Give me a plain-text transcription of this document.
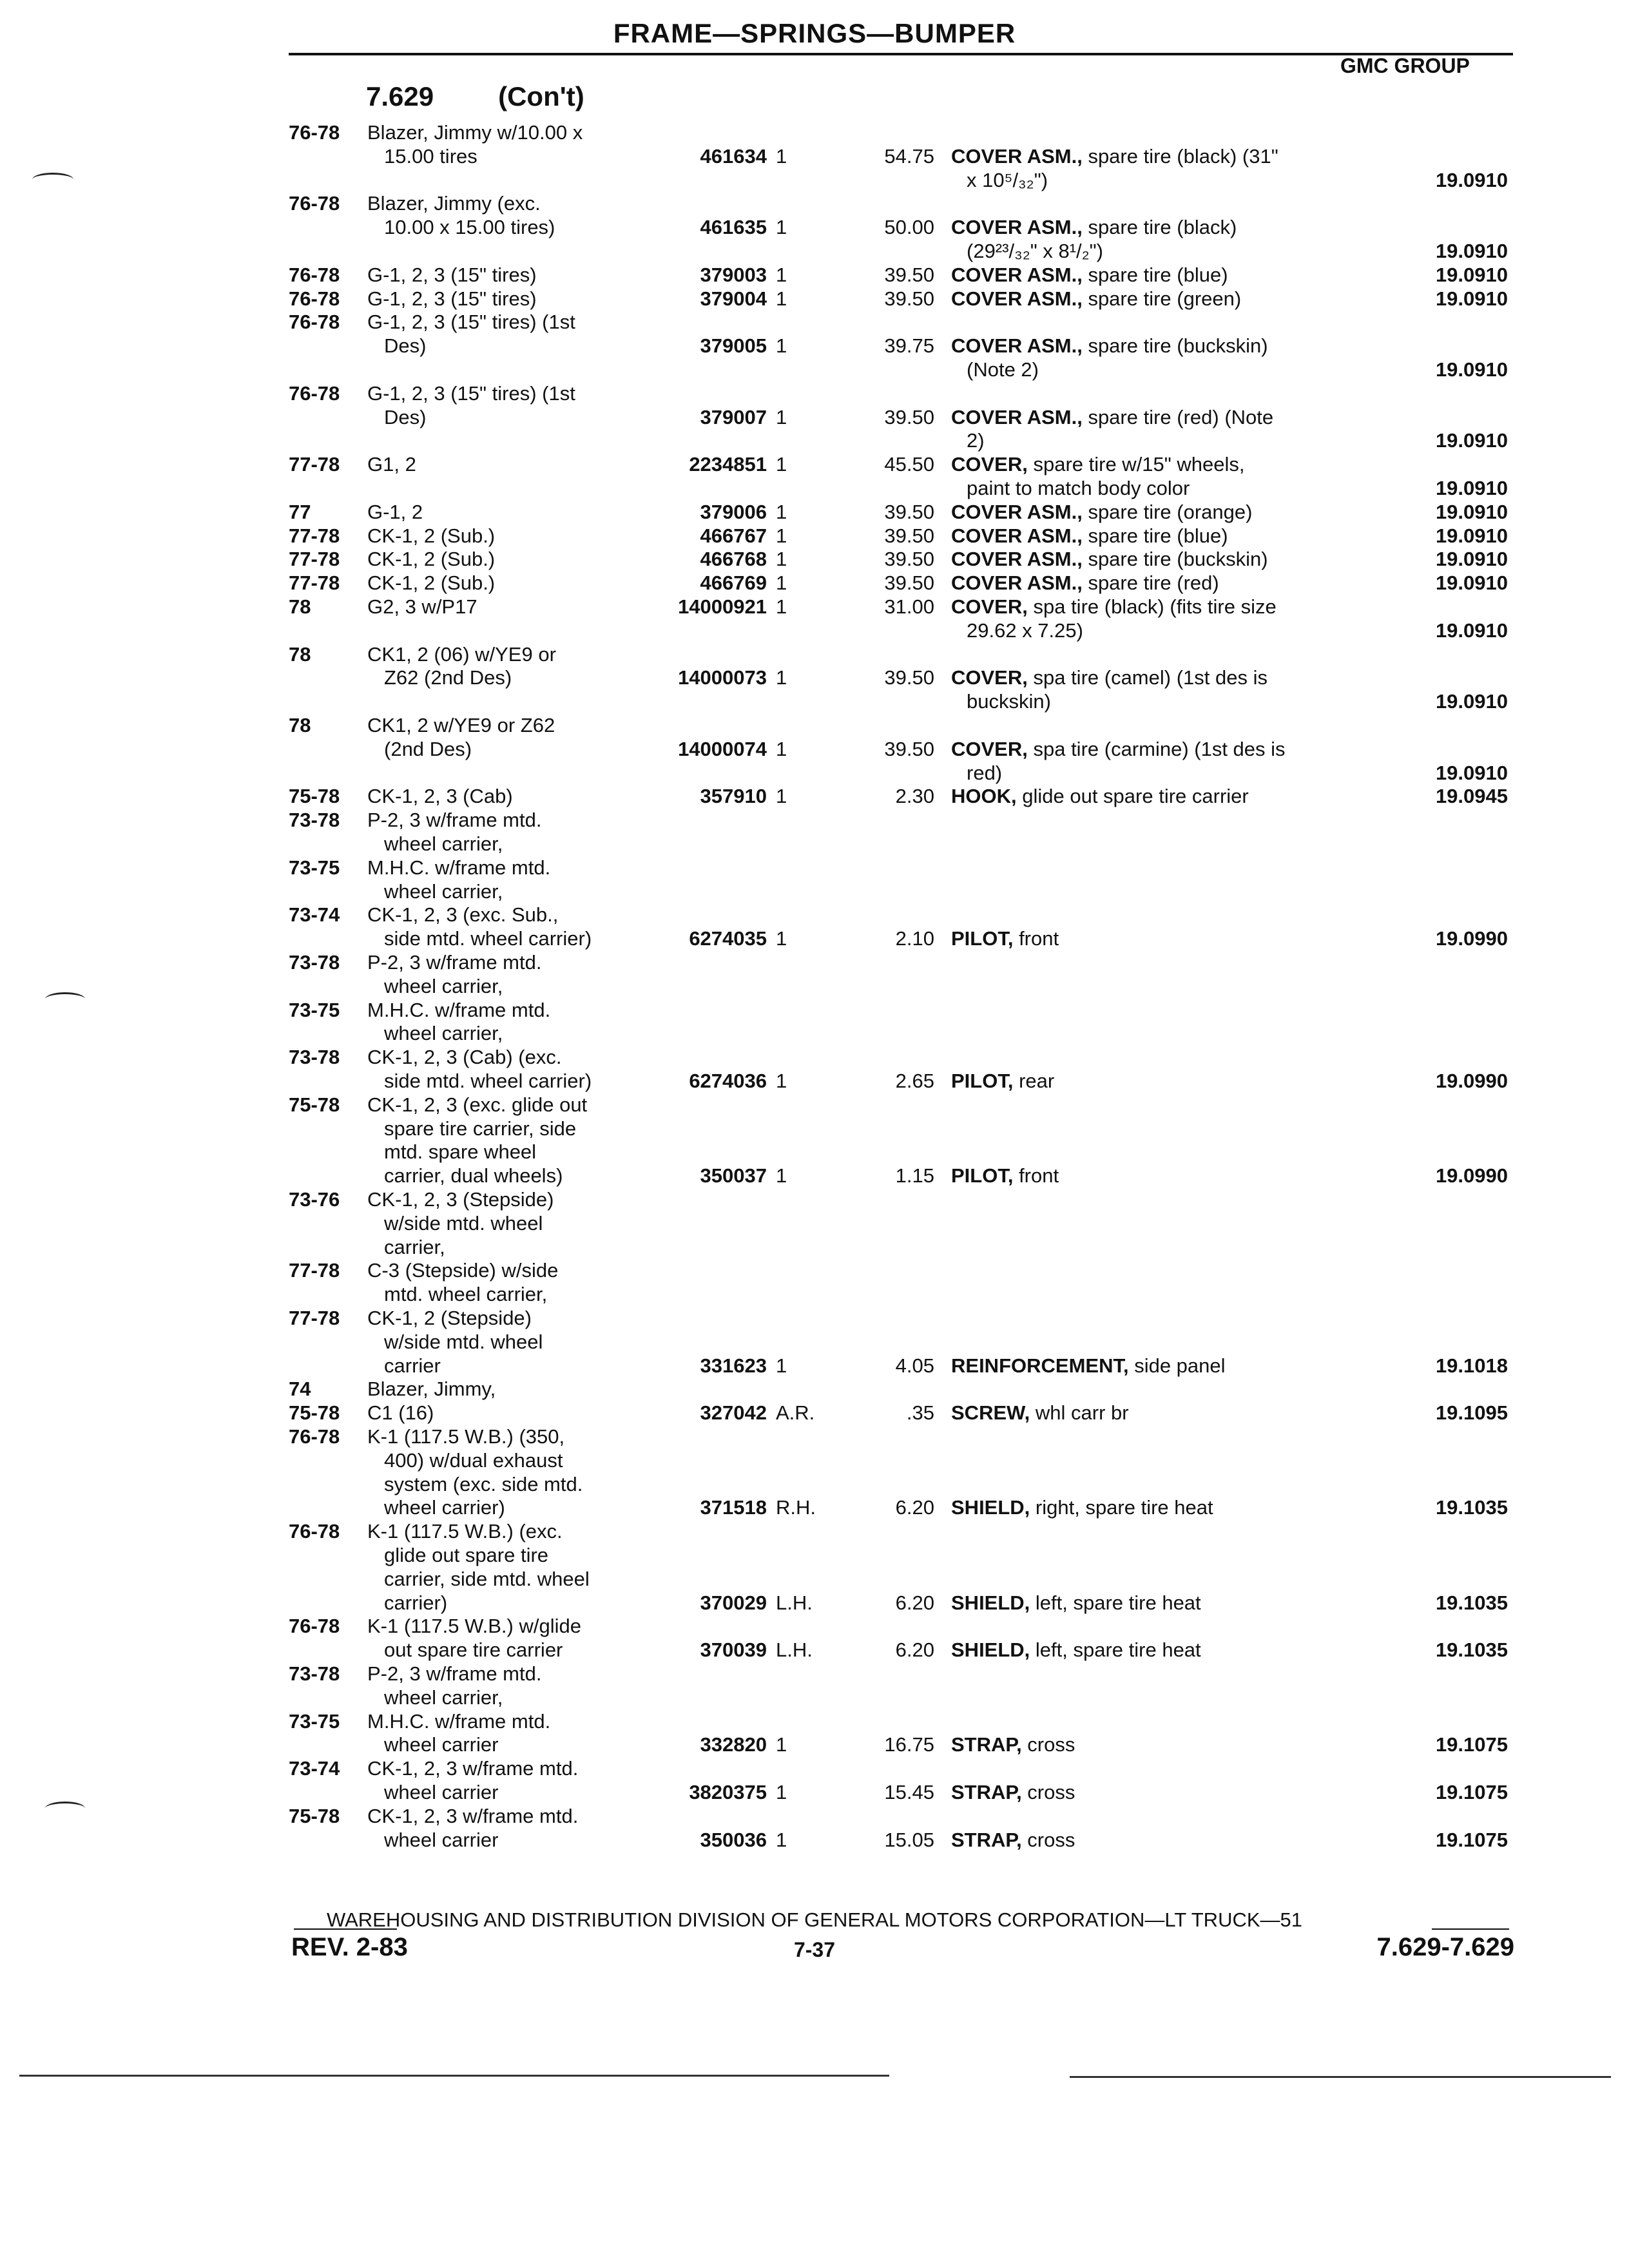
FRAME—SPRINGS—BUMPER
GMC GROUP
7.629 (Con't)
76-78 Blazer, Jimmy w/10.00 x
15.00 tires	461634 1	54.75 COVER ASM., spare tire (black) (31"
x 10⁵/₃₂")	19.0910
76-78 Blazer, Jimmy (exc.
10.00 x 15.00 tires)	461635 1	50.00 COVER ASM., spare tire (black)
(29²³/₃₂" x 8¹/₂")	19.0910
76-78 G-1, 2, 3 (15" tires)	379003 1	39.50 COVER ASM., spare tire (blue)	19.0910
76-78 G-1, 2, 3 (15" tires)	379004 1	39.50 COVER ASM., spare tire (green)	19.0910
76-78 G-1, 2, 3 (15" tires) (1st
Des)	379005 1	39.75 COVER ASM., spare tire (buckskin)
(Note 2)	19.0910
76-78 G-1, 2, 3 (15" tires) (1st
Des)	379007 1	39.50 COVER ASM., spare tire (red) (Note
2)	19.0910
77-78 G1, 2	2234851 1	45.50 COVER, spare tire w/15" wheels,
paint to match body color	19.0910
77	G-1, 2	379006 1	39.50 COVER ASM., spare tire (orange)	19.0910
77-78 CK-1, 2 (Sub.)	466767 1	39.50 COVER ASM., spare tire (blue)	19.0910
77-78 CK-1, 2 (Sub.)	466768 1	39.50 COVER ASM., spare tire (buckskin)	19.0910
77-78 CK-1, 2 (Sub.)	466769 1	39.50 COVER ASM., spare tire (red)	19.0910
78	G2, 3 w/P17	14000921 1	31.00 COVER, spa tire (black) (fits tire size
29.62 x 7.25)	19.0910
78	CK1, 2 (06) w/YE9 or
Z62 (2nd Des)	14000073 1	39.50 COVER, spa tire (camel) (1st des is
buckskin)	19.0910
78	CK1, 2 w/YE9 or Z62
(2nd Des)	14000074 1	39.50 COVER, spa tire (carmine) (1st des is
red)	19.0910
75-78 CK-1, 2, 3 (Cab)	357910 1	2.30 HOOK, glide out spare tire carrier	19.0945
73-78 P-2, 3 w/frame mtd.
wheel carrier,
73-75 M.H.C. w/frame mtd.
wheel carrier,
73-74 CK-1, 2, 3 (exc. Sub.,
side mtd. wheel carrier)	6274035 1	2.10 PILOT, front	19.0990
73-78 P-2, 3 w/frame mtd.
wheel carrier,
73-75 M.H.C. w/frame mtd.
wheel carrier,
73-78 CK-1, 2, 3 (Cab) (exc.
side mtd. wheel carrier)	6274036 1	2.65 PILOT, rear	19.0990
75-78 CK-1, 2, 3 (exc. glide out
spare tire carrier, side
mtd. spare wheel
carrier, dual wheels)	350037 1	1.15 PILOT, front	19.0990
73-76 CK-1, 2, 3 (Stepside)
w/side mtd. wheel
carrier,
77-78 C-3 (Stepside) w/side
mtd. wheel carrier,
77-78 CK-1, 2 (Stepside)
w/side mtd. wheel
carrier	331623 1	4.05 REINFORCEMENT, side panel	19.1018
74	Blazer, Jimmy,
75-78 C1 (16)	327042 A.R.	.35 SCREW, whl carr br	19.1095
76-78 K-1 (117.5 W.B.) (350,
400) w/dual exhaust
system (exc. side mtd.
wheel carrier)	371518 R.H.	6.20 SHIELD, right, spare tire heat	19.1035
76-78 K-1 (117.5 W.B.) (exc.
glide out spare tire
carrier, side mtd. wheel
carrier)	370029 L.H.	6.20 SHIELD, left, spare tire heat	19.1035
76-78 K-1 (117.5 W.B.) w/glide
out spare tire carrier	370039 L.H.	6.20 SHIELD, left, spare tire heat	19.1035
73-78 P-2, 3 w/frame mtd.
wheel carrier,
73-75 M.H.C. w/frame mtd.
wheel carrier	332820 1	16.75 STRAP, cross	19.1075
73-74 CK-1, 2, 3 w/frame mtd.
wheel carrier	3820375 1	15.45 STRAP, cross	19.1075
75-78 CK-1, 2, 3 w/frame mtd.
wheel carrier	350036 1	15.05 STRAP, cross	19.1075
WAREHOUSING AND DISTRIBUTION DIVISION OF GENERAL MOTORS CORPORATION—LT TRUCK—51
REV. 2-83	7-37	7.629-7.629
